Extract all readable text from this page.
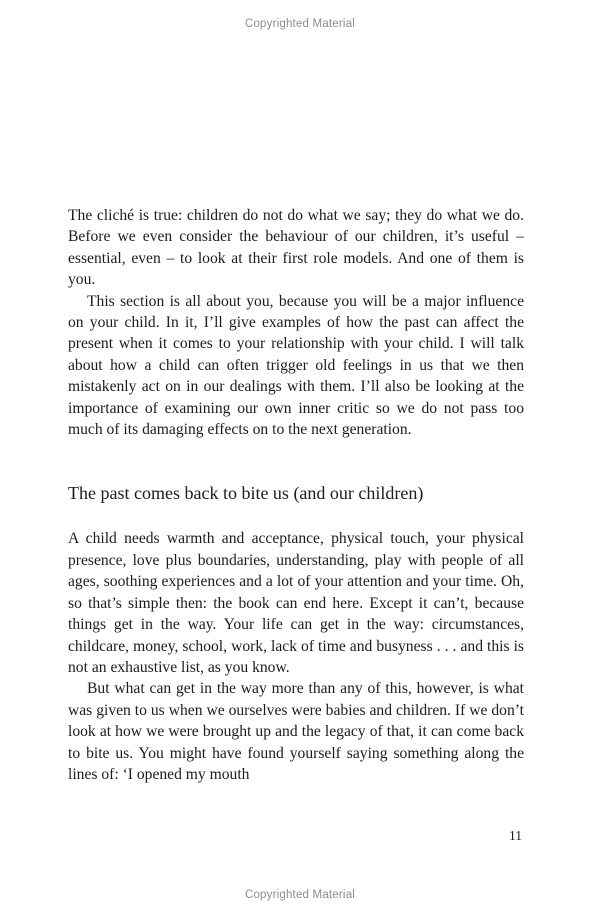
Copyrighted Material

The cliché is true: children do not do what we say; they do what we do. Before we even consider the behaviour of our children, it’s useful – essential, even – to look at their first role models. And one of them is you.

This section is all about you, because you will be a major influence on your child. In it, I’ll give examples of how the past can affect the present when it comes to your relationship with your child. I will talk about how a child can often trigger old feelings in us that we then mistakenly act on in our dealings with them. I’ll also be looking at the importance of examining our own inner critic so we do not pass too much of its damaging effects on to the next generation.

The past comes back to bite us (and our children)

A child needs warmth and acceptance, physical touch, your physical presence, love plus boundaries, understanding, play with people of all ages, soothing experiences and a lot of your attention and your time. Oh, so that’s simple then: the book can end here. Except it can’t, because things get in the way. Your life can get in the way: circumstances, childcare, money, school, work, lack of time and busyness . . . and this is not an exhaustive list, as you know.

But what can get in the way more than any of this, however, is what was given to us when we ourselves were babies and children. If we don’t look at how we were brought up and the legacy of that, it can come back to bite us. You might have found yourself saying something along the lines of: ‘I opened my mouth

11
Copyrighted Material
